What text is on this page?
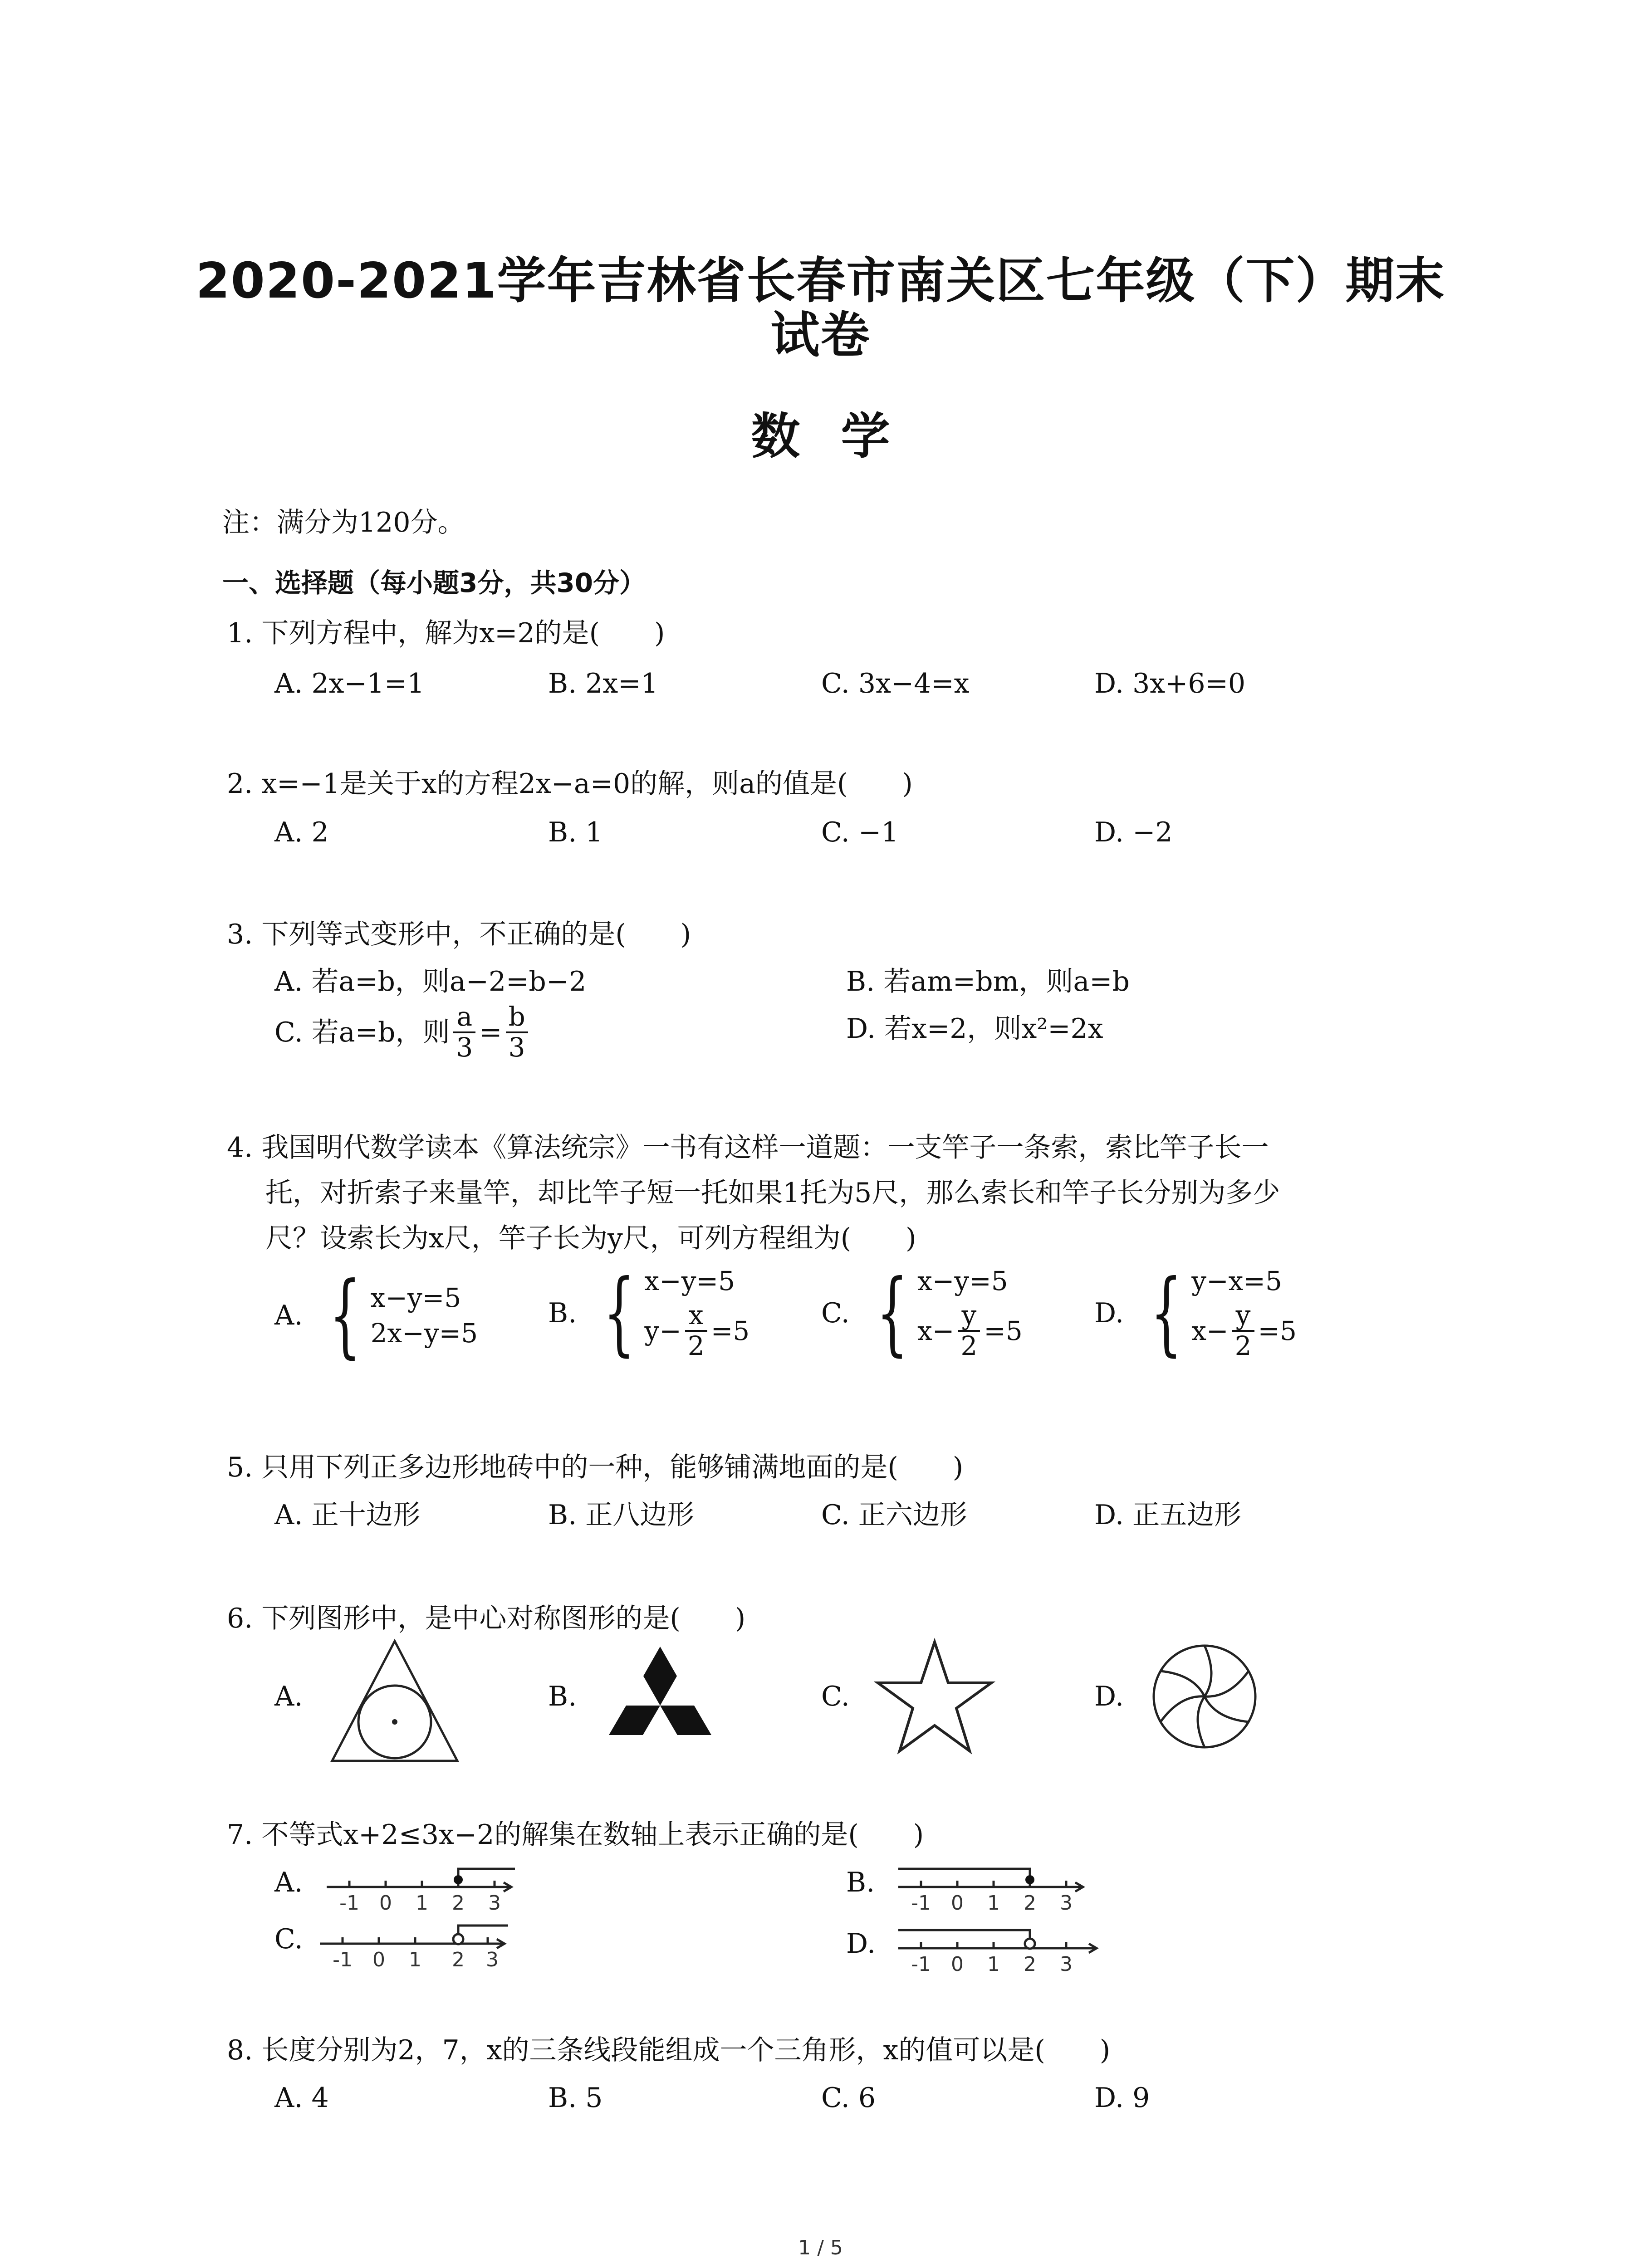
2020-2021学年吉林省长春市南关区七年级（下）期末
试卷
数学
注：满分为120分。
一、选择题（每小题3分，共30分）
1. 下列方程中，解为x=2的是(　　)
A. 2x−1=1	B. 2x=1	C. 3x−4=x	D. 3x+6=0
2. x=−1是关于x的方程2x−a=0的解，则a的值是(　　)
A. 2	B. 1	C. −1	D. −2
3. 下列等式变形中，不正确的是(　　)
A. 若a=b，则a−2=b−2	B. 若am=bm，则a=b
C. 若a=b，则 $\frac{a}{3} = \frac{b}{3}$	D. 若x=2，则x²=2x
4. 我国明代数学读本《算法统宗》一书有这样一道题：一支竿子一条索，索比竿子长一
托，对折索子来量竿，却比竿子短一托如果1托为5尺，那么索长和竿子长分别为多少
尺？设索长为x尺，竿子长为y尺，可列方程组为(　　)
A. { x−y=5
2x−y=5
B. { x−y=5
$y- \frac{x}{2} =5$
C. { x−y=5
$x- \frac{y}{2} =5$
D. { y−x=5
$x- \frac{y}{2} =5$
5. 只用下列正多边形地砖中的一种，能够铺满地面的是(　　)
A. 正十边形	B. 正八边形	C. 正六边形	D. 正五边形
6. 下列图形中，是中心对称图形的是(　　)
A.	B.	C.	D.
7. 不等式x+2≤3x−2的解集在数轴上表示正确的是(　　)
A.	B.
C.	D.
-1 0 1 2 3	-1 0 1 2 3
-1 0 1 2 3	-1 0 1 2 3
8. 长度分别为2，7，x的三条线段能组成一个三角形，x的值可以是(　　)
A. 4	B. 5	C. 6	D. 9
1 / 5
